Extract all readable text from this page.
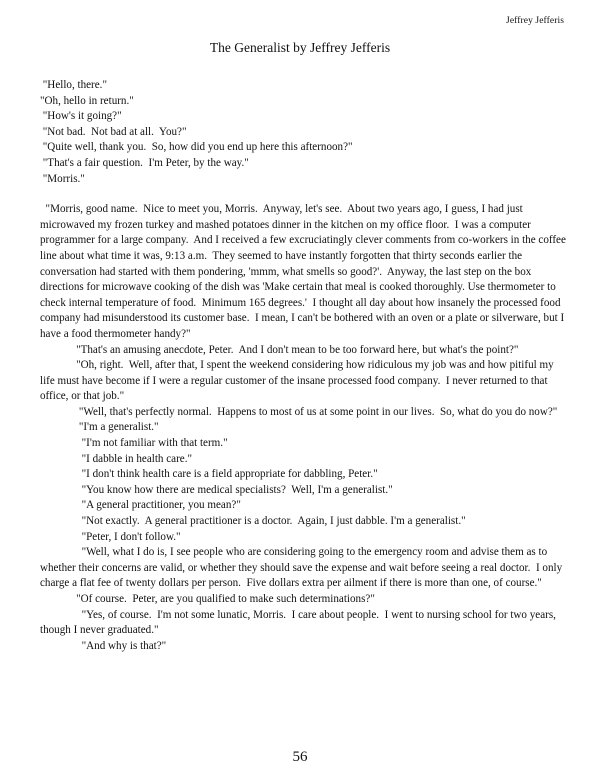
Jeffrey Jefferis
The Generalist by Jeffrey Jefferis

"Hello, there."

"Oh, hello in return."

"How's it going?"

"Not bad.  Not bad at all.  You?"

"Quite well, thank you.  So, how did you end up here this afternoon?"

"That's a fair question.  I'm Peter, by the way."

"Morris."

"Morris, good name.  Nice to meet you, Morris.  Anyway, let's see.  About two years ago, I guess, I had just microwaved my frozen turkey and mashed potatoes dinner in the kitchen on my office floor.  I was a computer programmer for a large company.  And I received a few excruciatingly clever comments from co-workers in the coffee line about what time it was, 9:13 a.m.  They seemed to have instantly forgotten that thirty seconds earlier the conversation had started with them pondering, 'mmm, what smells so good?'.  Anyway, the last step on the box directions for microwave cooking of the dish was 'Make certain that meal is cooked thoroughly. Use thermometer to check internal temperature of food.  Minimum 165 degrees.'  I thought all day about how insanely the processed food company had misunderstood its customer base.  I mean, I can't be bothered with an oven or a plate or silverware, but I have a food thermometer handy?"

"That's an amusing anecdote, Peter.  And I don't mean to be too forward here, but what's the point?"

"Oh, right.  Well, after that, I spent the weekend considering how ridiculous my job was and how pitiful my life must have become if I were a regular customer of the insane processed food company.  I never returned to that office, or that job."

"Well, that's perfectly normal.  Happens to most of us at some point in our lives.  So, what do you do now?"

"I'm a generalist."

"I'm not familiar with that term."

"I dabble in health care."

"I don't think health care is a field appropriate for dabbling, Peter."

"You know how there are medical specialists?  Well, I'm a generalist."

"A general practitioner, you mean?"

"Not exactly.  A general practitioner is a doctor.  Again, I just dabble. I'm a generalist."

"Peter, I don't follow."

"Well, what I do is, I see people who are considering going to the emergency room and advise them as to whether their concerns are valid, or whether they should save the expense and wait before seeing a real doctor.  I only charge a flat fee of twenty dollars per person.  Five dollars extra per ailment if there is more than one, of course."

"Of course.  Peter, are you qualified to make such determinations?"

"Yes, of course.  I'm not some lunatic, Morris.  I care about people.  I went to nursing school for two years, though I never graduated."

"And why is that?"

56
